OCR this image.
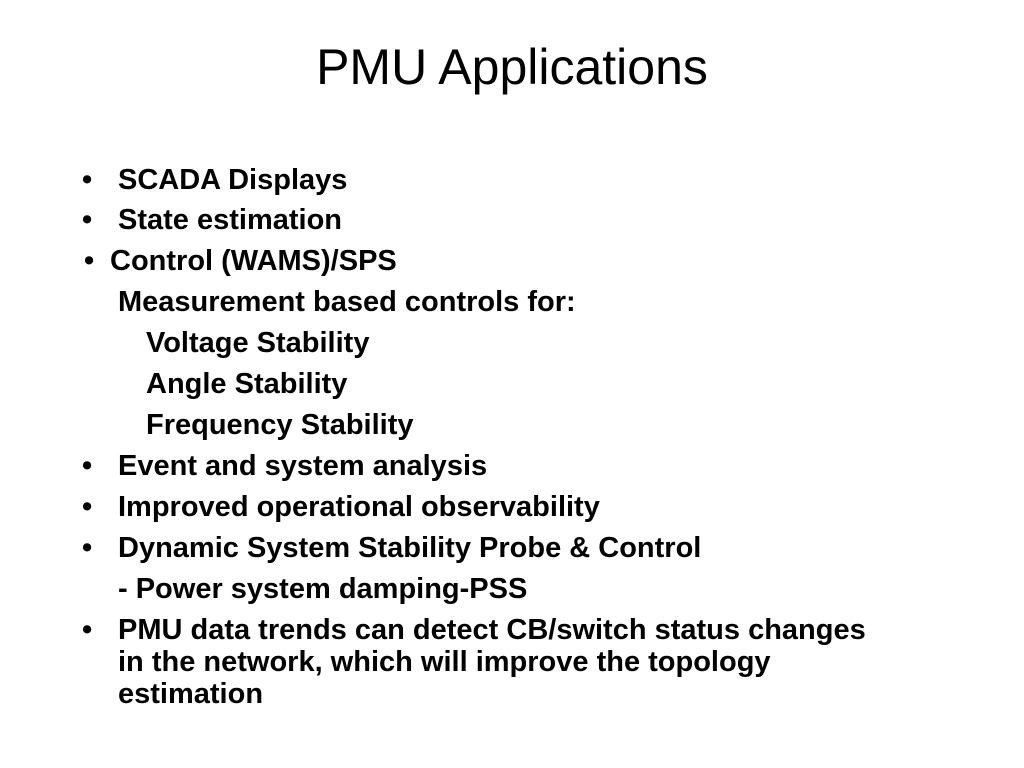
PMU Applications
• SCADA Displays
• State estimation
• Control (WAMS)/SPS
Measurement based controls for:
Voltage Stability
Angle Stability
Frequency Stability
• Event and system analysis
• Improved operational observability
• Dynamic System Stability Probe & Control
- Power system damping-PSS
• PMU data trends can detect CB/switch status changes in the network, which will improve the topology estimation
